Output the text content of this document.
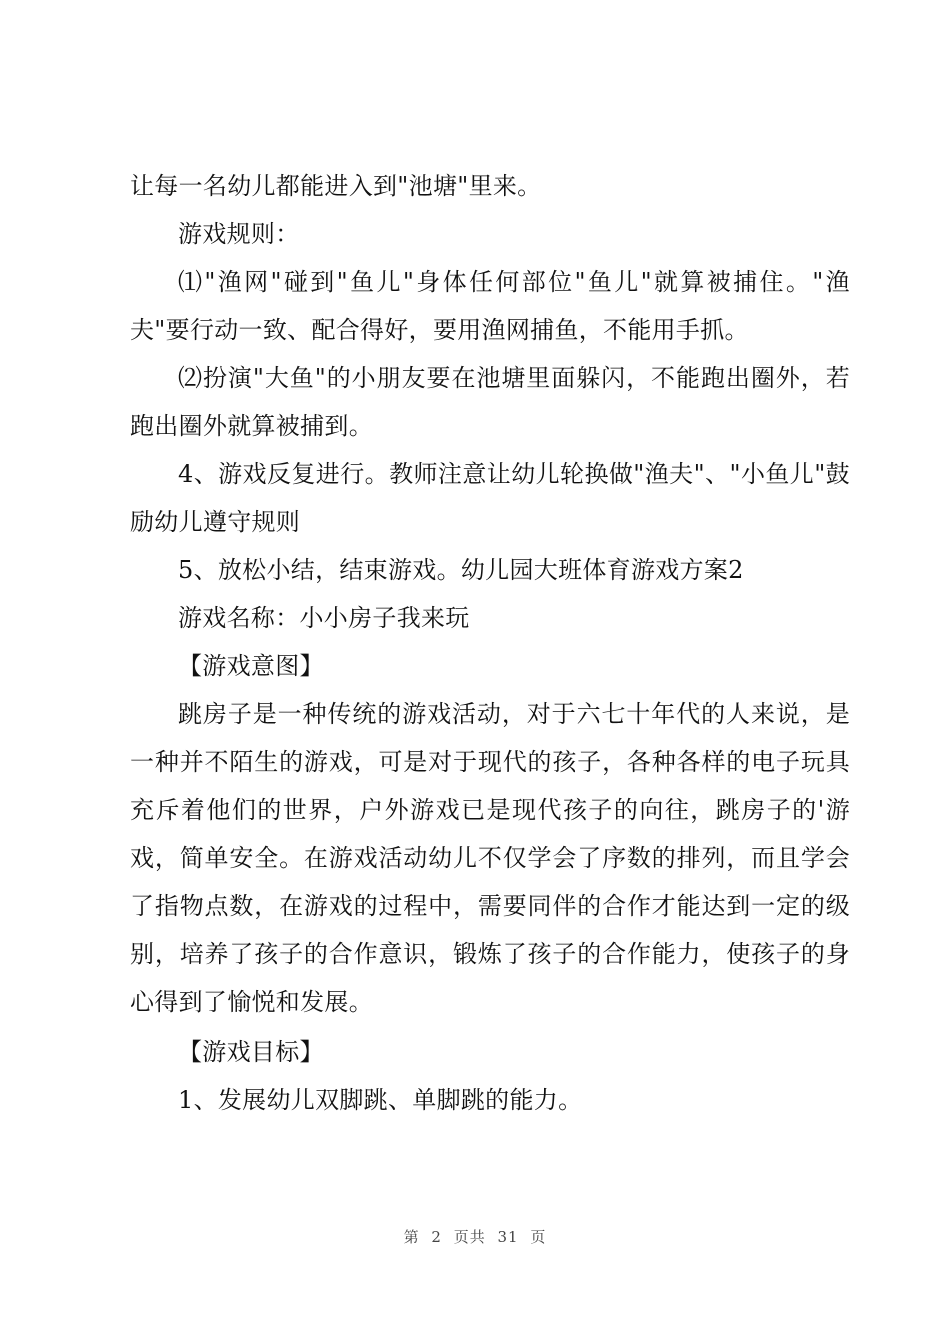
让每一名幼儿都能进入到"池塘"里来。

游戏规则：

⑴"渔网"碰到"鱼儿"身体任何部位"鱼儿"就算被捕住。"渔夫"要行动一致、配合得好，要用渔网捕鱼，不能用手抓。

⑵扮演"大鱼"的小朋友要在池塘里面躲闪，不能跑出圈外，若跑出圈外就算被捕到。

4、游戏反复进行。教师注意让幼儿轮换做"渔夫"、"小鱼儿"鼓励幼儿遵守规则

5、放松小结，结束游戏。幼儿园大班体育游戏方案2

游戏名称：小小房子我来玩

【游戏意图】

跳房子是一种传统的游戏活动，对于六七十年代的人来说，是一种并不陌生的游戏，可是对于现代的孩子，各种各样的电子玩具充斥着他们的世界，户外游戏已是现代孩子的向往，跳房子的'游戏，简单安全。在游戏活动幼儿不仅学会了序数的排列，而且学会了指物点数，在游戏的过程中，需要同伴的合作才能达到一定的级别，培养了孩子的合作意识，锻炼了孩子的合作能力，使孩子的身心得到了愉悦和发展。

【游戏目标】

1、发展幼儿双脚跳、单脚跳的能力。

第 2 页共 31 页
